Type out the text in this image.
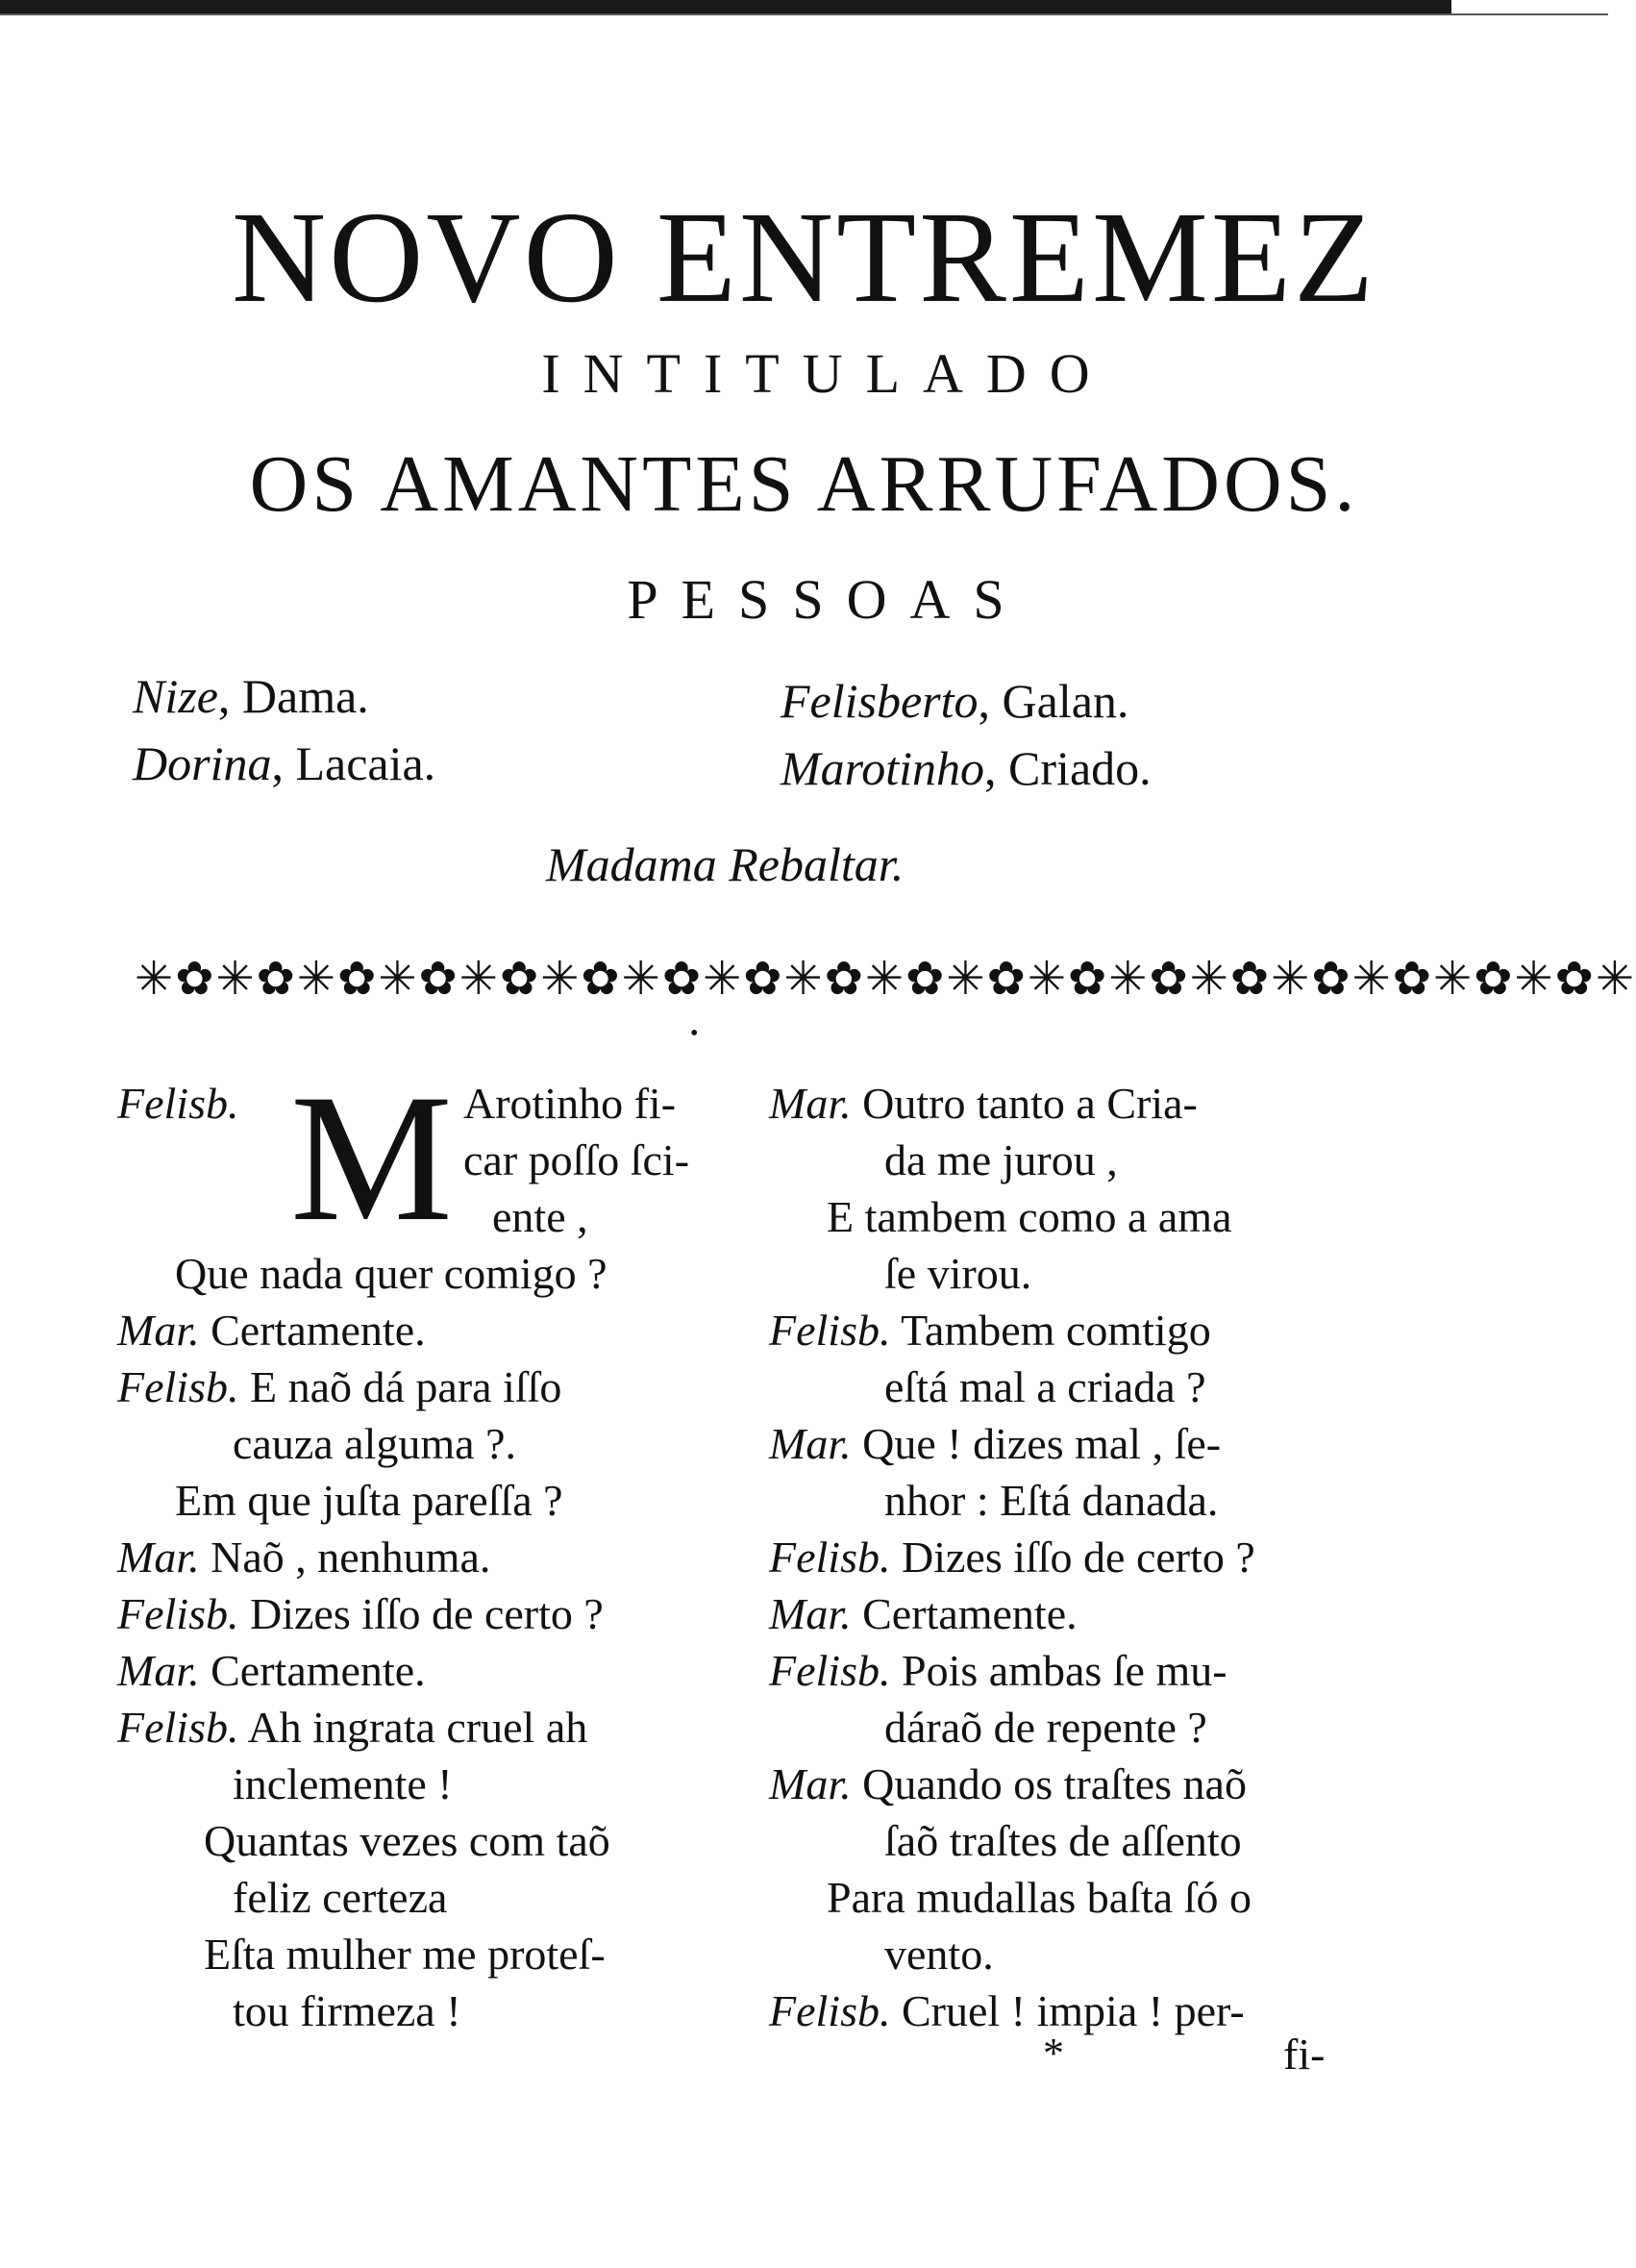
NOVO ENTREMEZ
INTITULADO
OS AMANTES ARRUFADOS.
PESSOAS
Nize, Dama.
Dorina, Lacaia.
Felisberto, Galan.
Marotinho, Criado.
Madama Rebaltar.
✳✿✳✿✳✿✳✿✳✿✳✿✳✿✳✿✳✿✳✿✳✿✳✿✳✿✳✿✳✿✳✿✳✿✳✿✳
•
Felisb. M Arotinho fi-
car poſſo ſci-
ente ,
Que nada quer comigo ?
Mar. Certamente.
Felisb. E naõ dá para iſſo
cauza alguma ?.
Em que juſta pareſſa ?
Mar. Naõ , nenhuma.
Felisb. Dizes iſſo de certo ?
Mar. Certamente.
Felisb. Ah ingrata cruel ah
inclemente !
Quantas vezes com taõ
feliz certeza
Eſta mulher me proteſ-
tou firmeza !
Mar. Outro tanto a Cria-
da me jurou ,
E tambem como a ama
ſe virou.
Felisb. Tambem comtigo
eſtá mal a criada ?
Mar. Que ! dizes mal , ſe-
nhor : Eſtá danada.
Felisb. Dizes iſſo de certo ?
Mar. Certamente.
Felisb. Pois ambas ſe mu-
dáraõ de repente ?
Mar. Quando os traſtes naõ
ſaõ traſtes de aſſento
Para mudallas baſta ſó o
vento.
Felisb. Cruel ! impia ! per-
*	fi-
